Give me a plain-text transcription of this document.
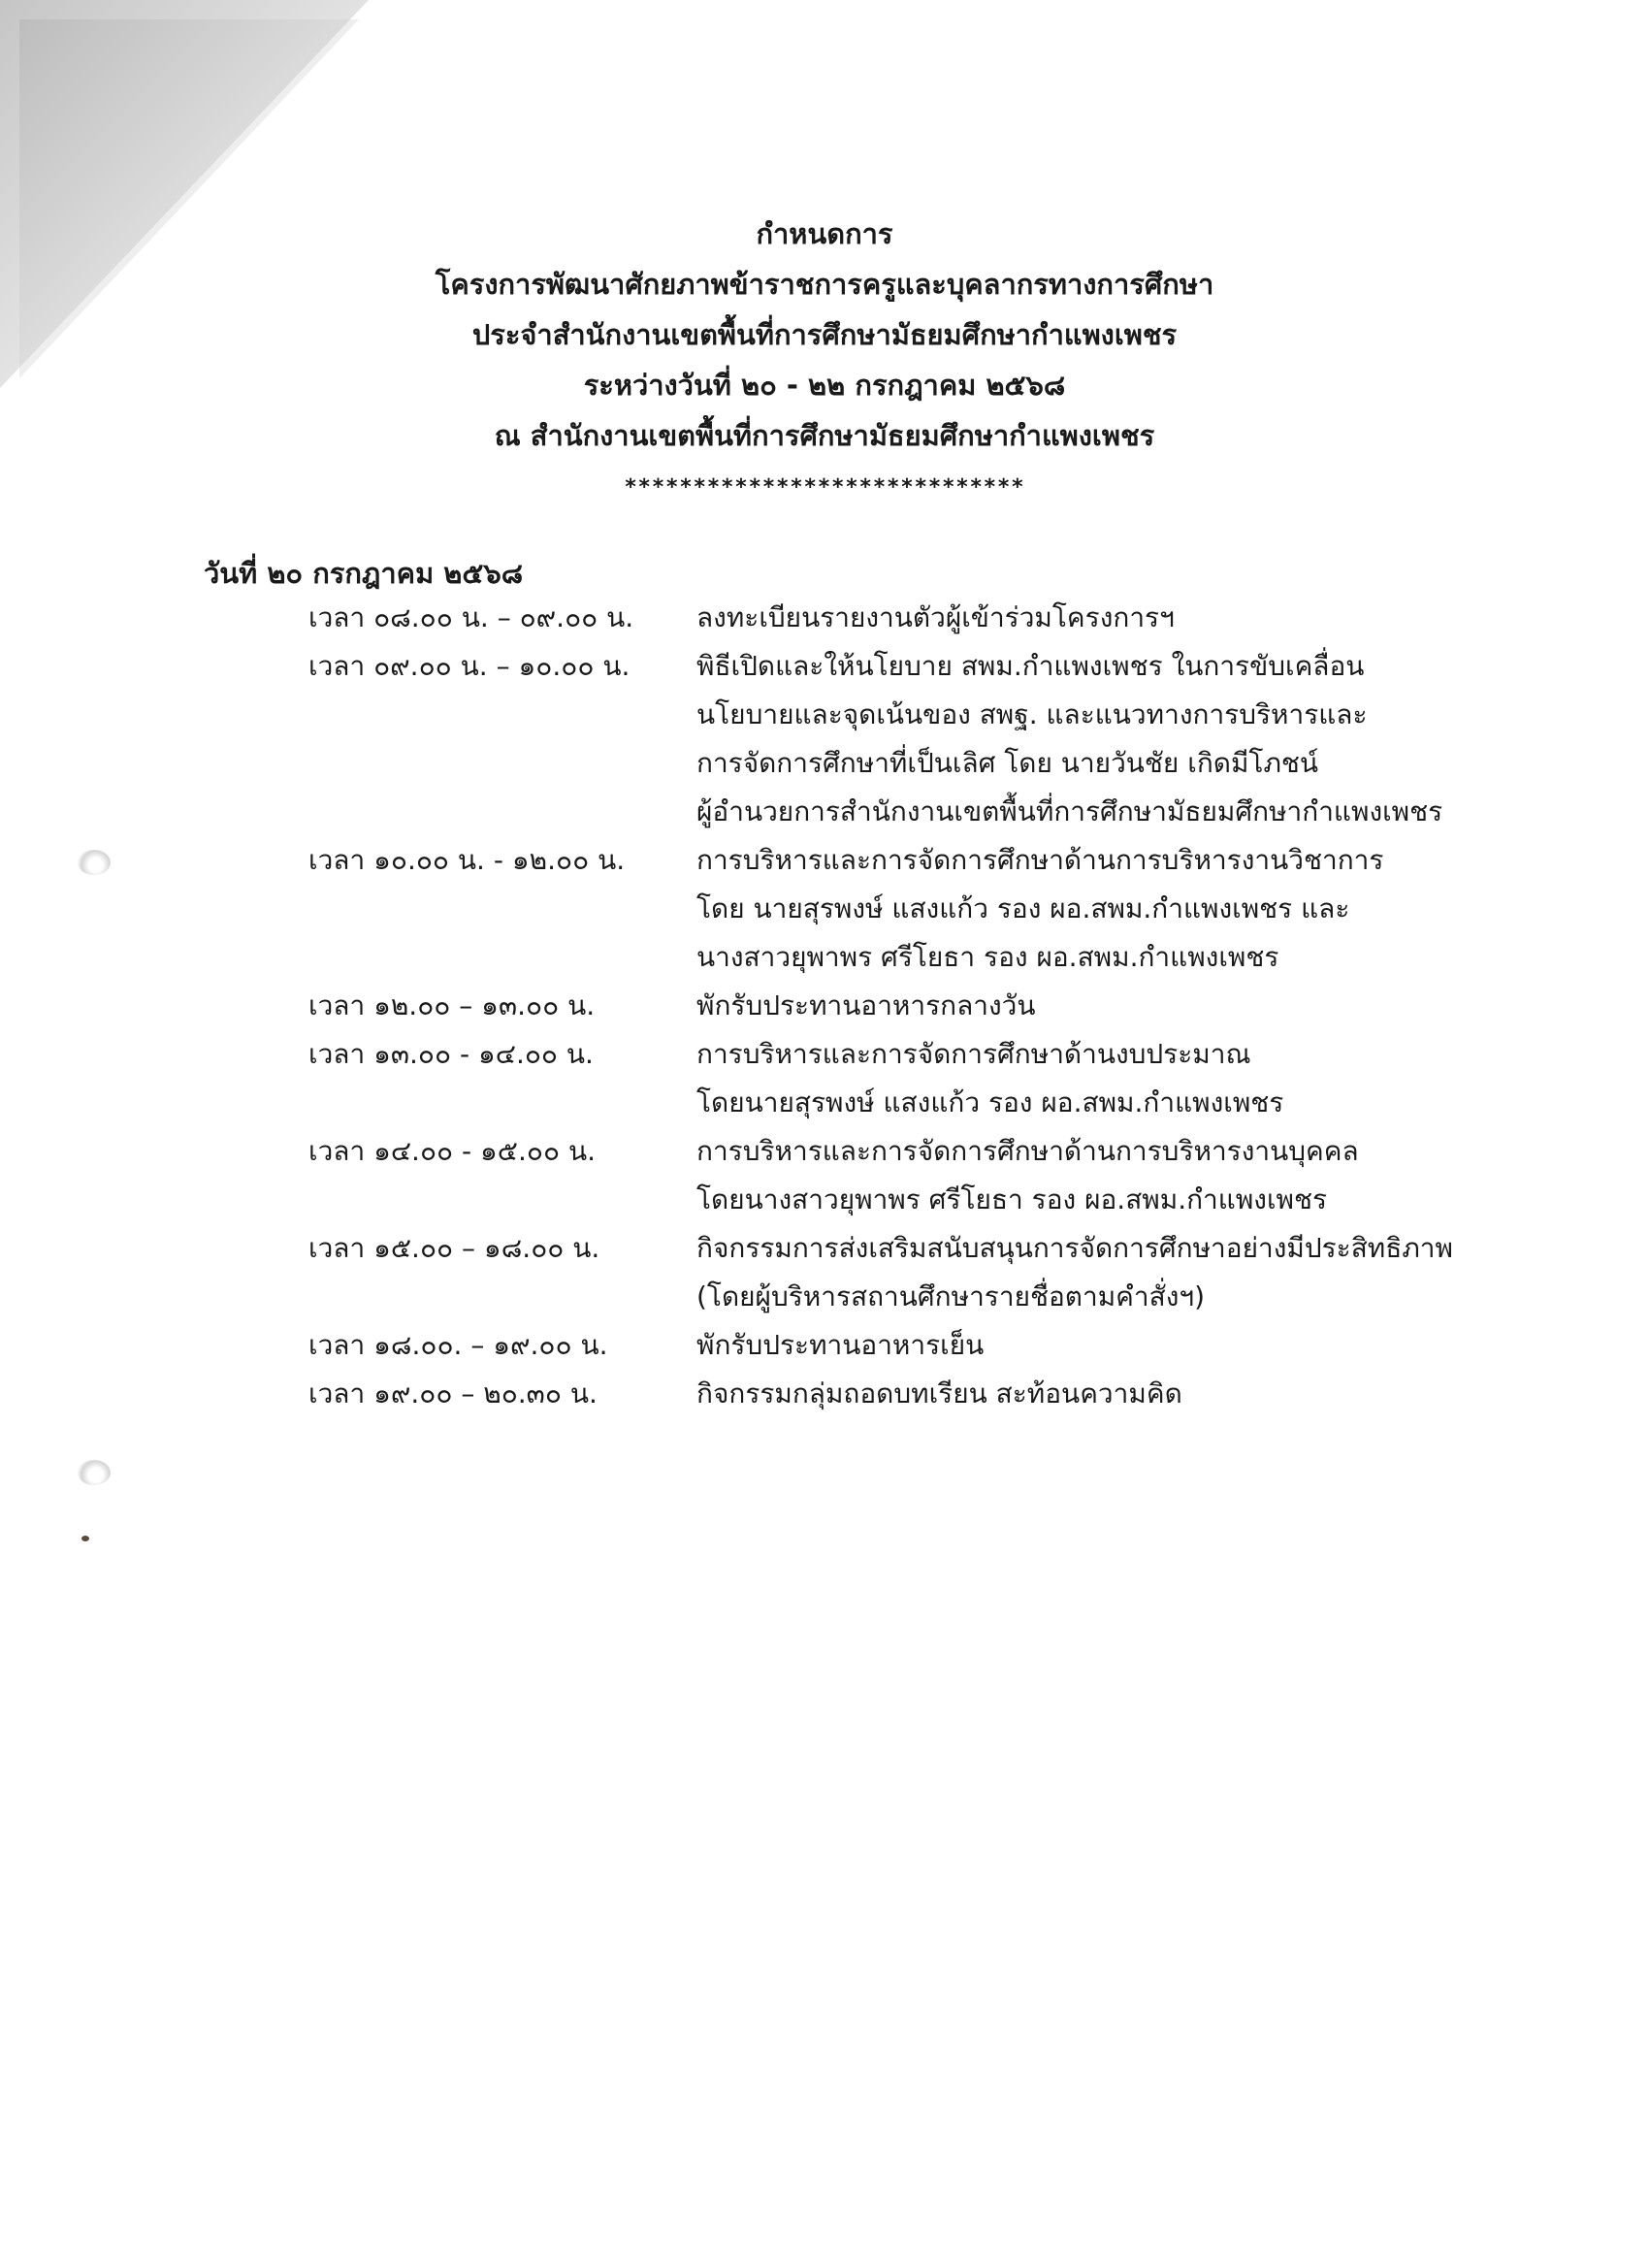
กำหนดการ
โครงการพัฒนาศักยภาพข้าราชการครูและบุคลากรทางการศึกษา
ประจำสำนักงานเขตพื้นที่การศึกษามัธยมศึกษากำแพงเพชร
ระหว่างวันที่ ๒๐ - ๒๒ กรกฎาคม ๒๕๖๘
ณ สำนักงานเขตพื้นที่การศึกษามัธยมศึกษากำแพงเพชร
*****************************
วันที่ ๒๐ กรกฎาคม ๒๕๖๘
เวลา ๐๘.๐๐ น. – ๐๙.๐๐ น. ลงทะเบียนรายงานตัวผู้เข้าร่วมโครงการฯ
เวลา ๐๙.๐๐ น. – ๑๐.๐๐ น. พิธีเปิดและให้นโยบาย สพม.กำแพงเพชร ในการขับเคลื่อน
นโยบายและจุดเน้นของ สพฐ. และแนวทางการบริหารและ
การจัดการศึกษาที่เป็นเลิศ โดย นายวันชัย เกิดมีโภชน์
ผู้อำนวยการสำนักงานเขตพื้นที่การศึกษามัธยมศึกษากำแพงเพชร
เวลา ๑๐.๐๐ น. - ๑๒.๐๐ น.	การบริหารและการจัดการศึกษาด้านการบริหารงานวิชาการ
โดย นายสุรพงษ์ แสงแก้ว รอง ผอ.สพม.กำแพงเพชร และ
นางสาวยุพาพร ศรีโยธา รอง ผอ.สพม.กำแพงเพชร
เวลา ๑๒.๐๐ – ๑๓.๐๐ น.	พักรับประทานอาหารกลางวัน
เวลา ๑๓.๐๐ - ๑๔.๐๐ น.	การบริหารและการจัดการศึกษาด้านงบประมาณ
โดยนายสุรพงษ์ แสงแก้ว รอง ผอ.สพม.กำแพงเพชร
เวลา ๑๔.๐๐ - ๑๕.๐๐ น.	การบริหารและการจัดการศึกษาด้านการบริหารงานบุคคล
โดยนางสาวยุพาพร ศรีโยธา รอง ผอ.สพม.กำแพงเพชร
เวลา ๑๕.๐๐ – ๑๘.๐๐ น.	กิจกรรมการส่งเสริมสนับสนุนการจัดการศึกษาอย่างมีประสิทธิภาพ
(โดยผู้บริหารสถานศึกษารายชื่อตามคำสั่งฯ)
เวลา ๑๘.๐๐. – ๑๙.๐๐ น.	พักรับประทานอาหารเย็น
เวลา ๑๙.๐๐ – ๒๐.๓๐ น.	กิจกรรมกลุ่มถอดบทเรียน สะท้อนความคิด
